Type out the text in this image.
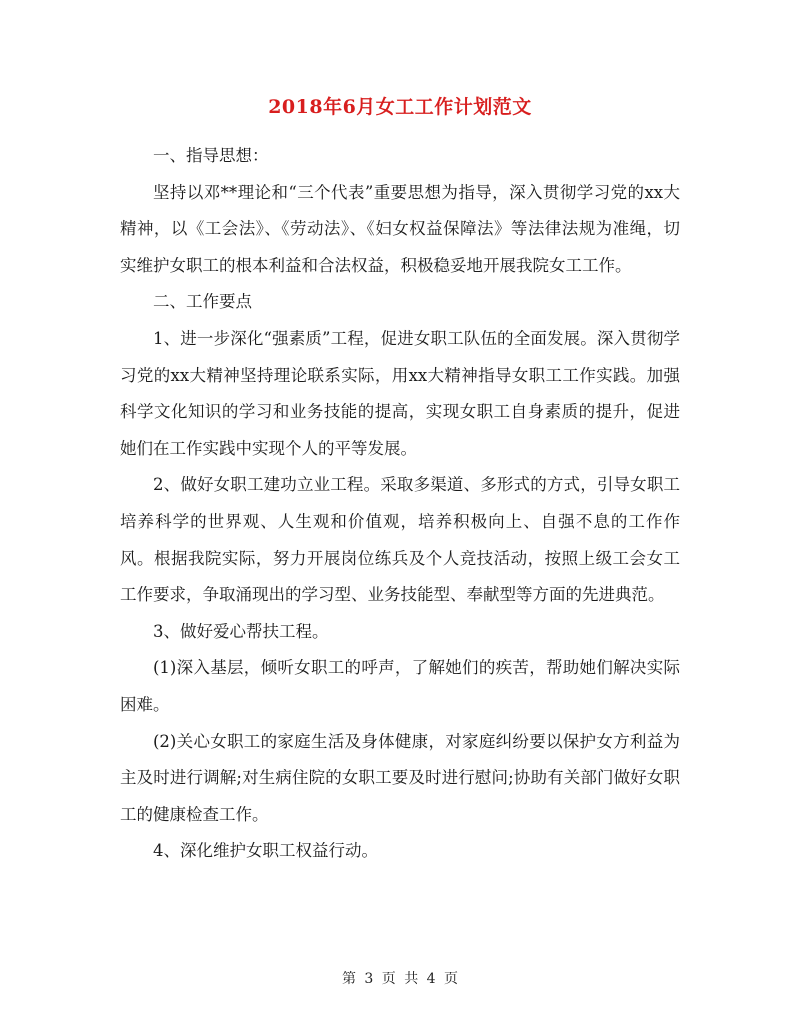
2018年6月女工工作计划范文

一、指导思想：

坚持以邓**理论和“三个代表”重要思想为指导，深入贯彻学习党的xx大精神，以《工会法》、《劳动法》、《妇女权益保障法》等法律法规为准绳，切实维护女职工的根本利益和合法权益，积极稳妥地开展我院女工工作。

二、工作要点

1、进一步深化“强素质”工程，促进女职工队伍的全面发展。深入贯彻学习党的xx大精神坚持理论联系实际，用xx大精神指导女职工工作实践。加强科学文化知识的学习和业务技能的提高，实现女职工自身素质的提升，促进她们在工作实践中实现个人的平等发展。

2、做好女职工建功立业工程。采取多渠道、多形式的方式，引导女职工培养科学的世界观、人生观和价值观，培养积极向上、自强不息的工作作风。根据我院实际，努力开展岗位练兵及个人竞技活动，按照上级工会女工工作要求，争取涌现出的学习型、业务技能型、奉献型等方面的先进典范。

3、做好爱心帮扶工程。

(1)深入基层，倾听女职工的呼声，了解她们的疾苦，帮助她们解决实际困难。

(2)关心女职工的家庭生活及身体健康，对家庭纠纷要以保护女方利益为主及时进行调解;对生病住院的女职工要及时进行慰问;协助有关部门做好女职工的健康检查工作。

4、深化维护女职工权益行动。

第 3 页 共 4 页
